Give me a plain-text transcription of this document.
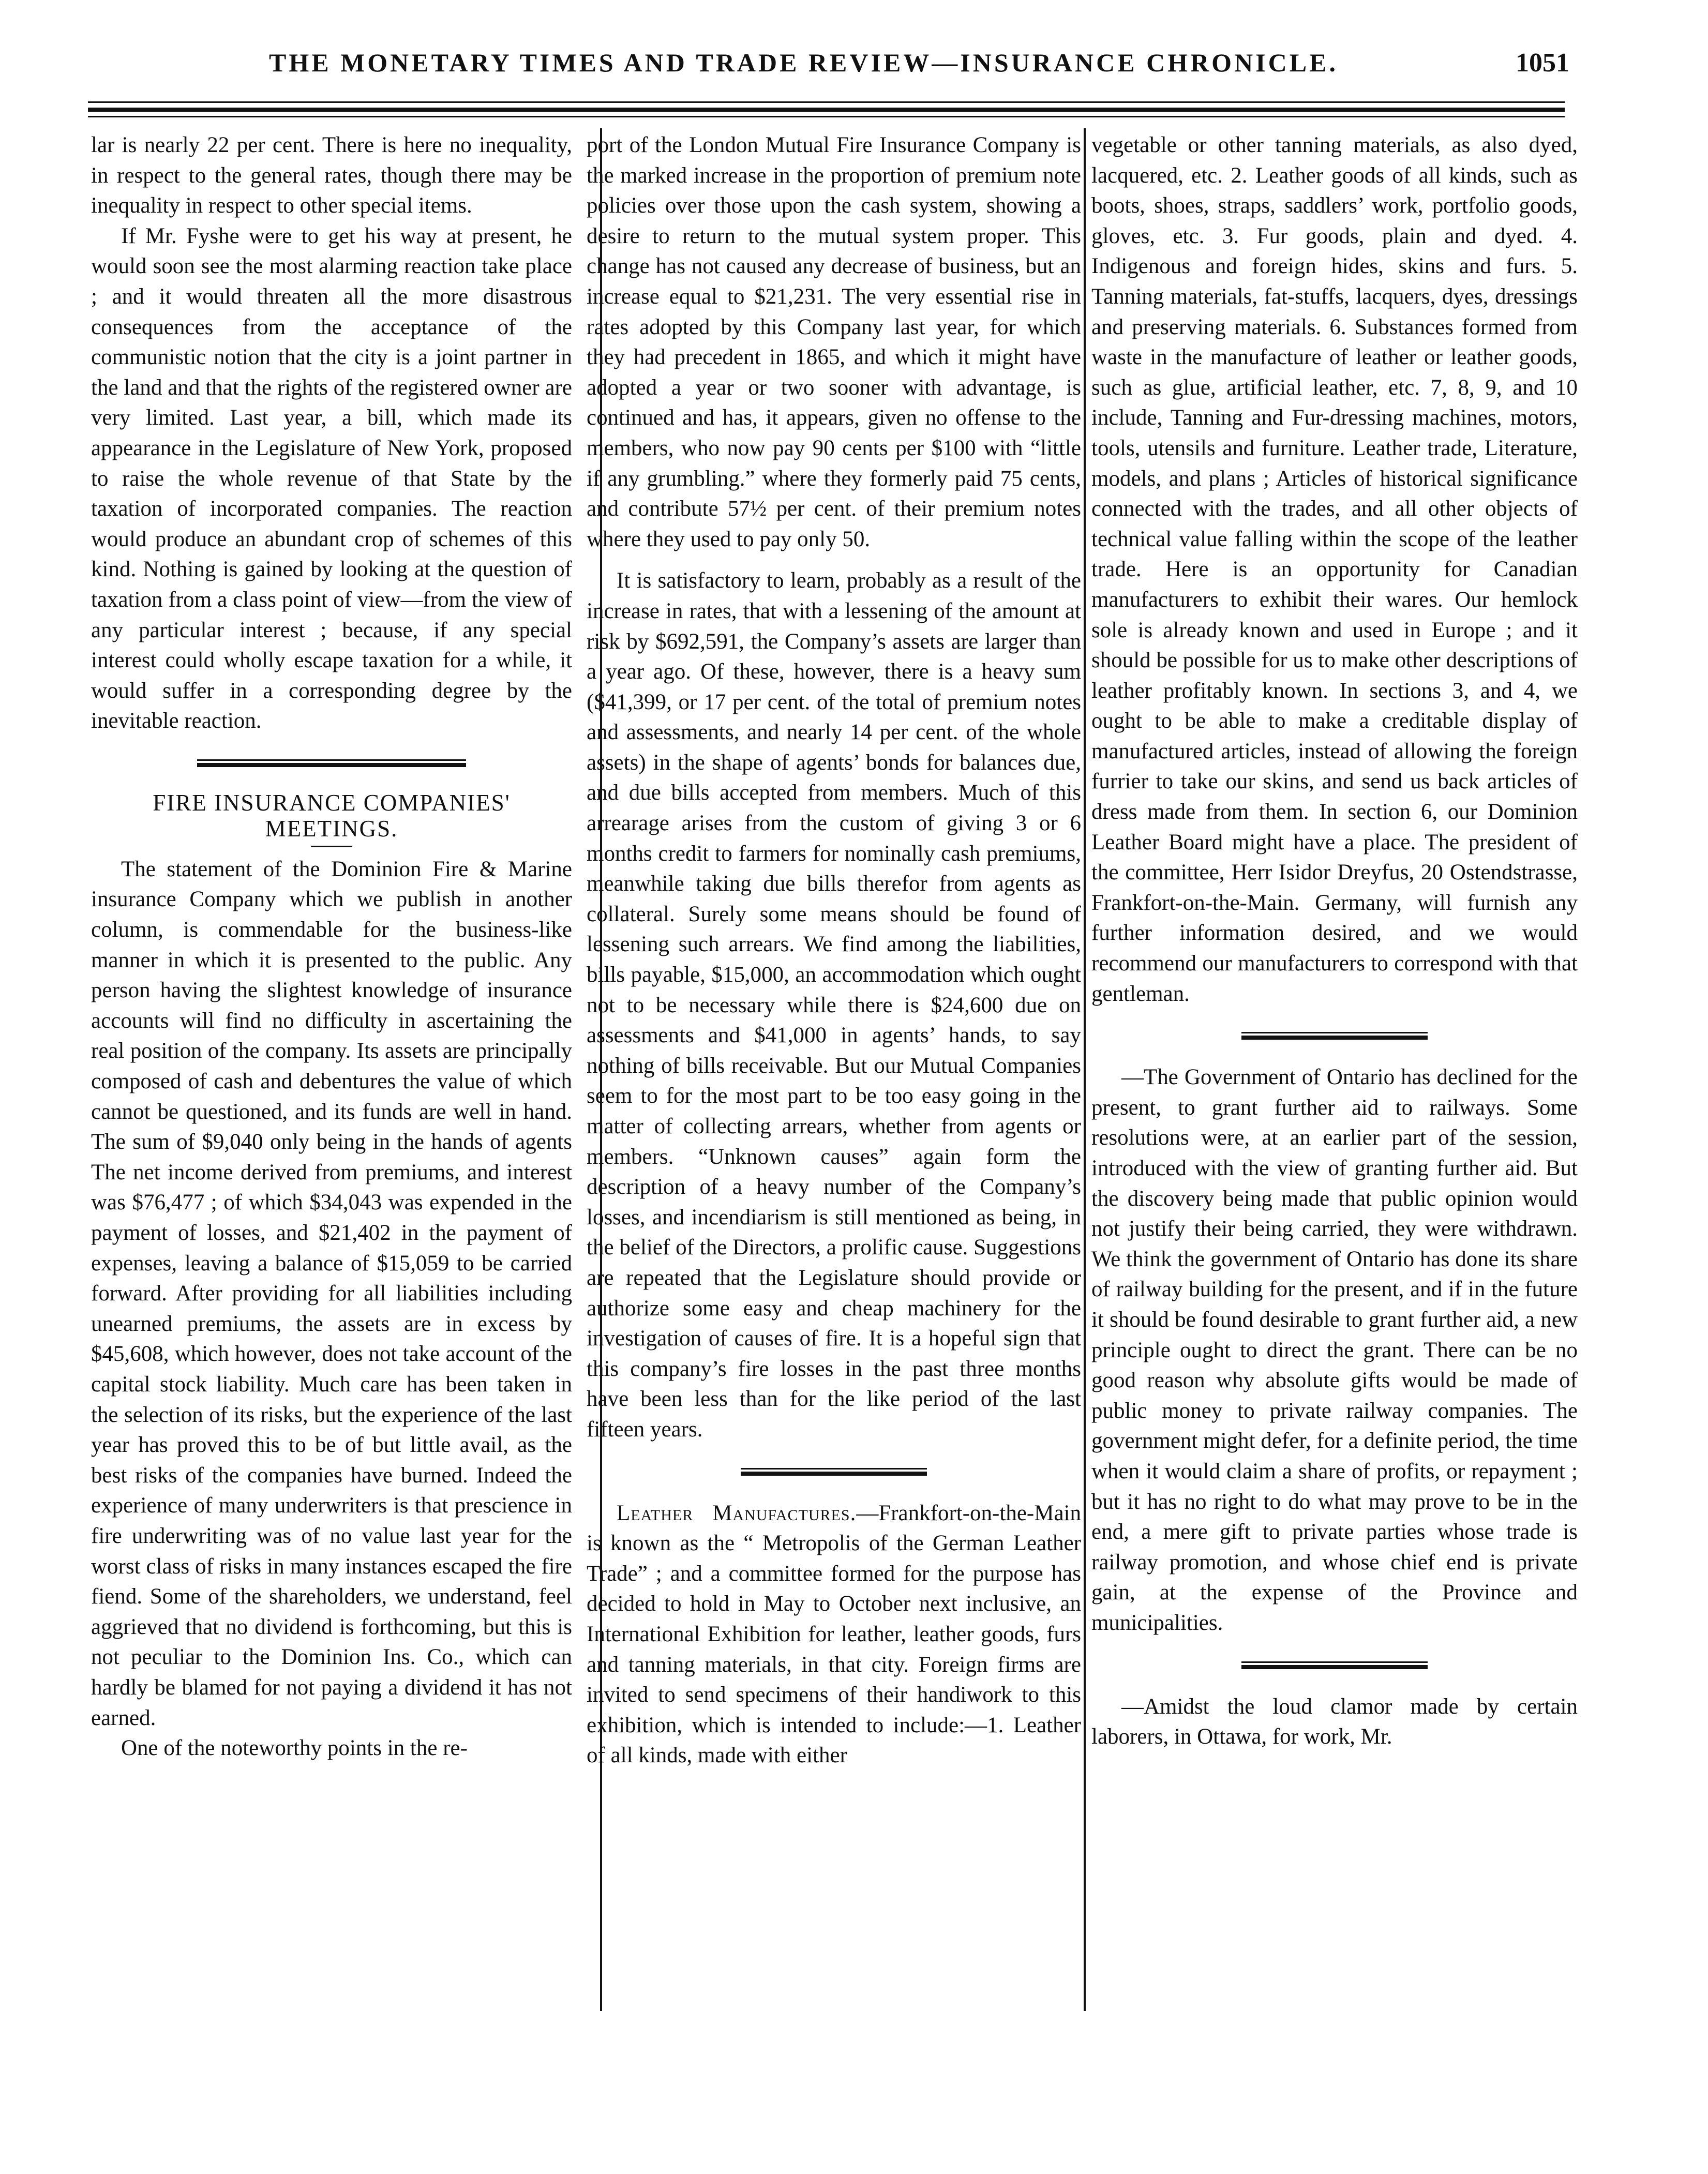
THE MONETARY TIMES AND TRADE REVIEW—INSURANCE CHRONICLE.	1051

lar is nearly 22 per cent. There is here no inequality, in respect to the general rates, though there may be inequality in respect to other special items.

If Mr. Fyshe were to get his way at present, he would soon see the most alarming reaction take place ; and it would threaten all the more disastrous consequences from the acceptance of the communistic notion that the city is a joint partner in the land and that the rights of the registered owner are very limited. Last year, a bill, which made its appearance in the Legislature of New York, proposed to raise the whole revenue of that State by the taxation of incorporated companies. The reaction would produce an abundant crop of schemes of this kind. Nothing is gained by looking at the question of taxation from a class point of view—from the view of any particular interest ; because, if any special interest could wholly escape taxation for a while, it would suffer in a corresponding degree by the inevitable reaction.

FIRE INSURANCE COMPANIES' MEETINGS.

The statement of the Dominion Fire & Marine insurance Company which we publish in another column, is commendable for the business-like manner in which it is presented to the public. Any person having the slightest knowledge of insurance accounts will find no difficulty in ascertaining the real position of the company. Its assets are principally composed of cash and debentures the value of which cannot be questioned, and its funds are well in hand. The sum of $9,040 only being in the hands of agents The net income derived from premiums, and interest was $76,477 ; of which $34,043 was expended in the payment of losses, and $21,402 in the payment of expenses, leaving a balance of $15,059 to be carried forward. After providing for all liabilities including unearned premiums, the assets are in excess by $45,608, which however, does not take account of the capital stock liability. Much care has been taken in the selection of its risks, but the experience of the last year has proved this to be of but little avail, as the best risks of the companies have burned. Indeed the experience of many underwriters is that prescience in fire underwriting was of no value last year for the worst class of risks in many instances escaped the fire fiend. Some of the shareholders, we understand, feel aggrieved that no dividend is forthcoming, but this is not peculiar to the Dominion Ins. Co., which can hardly be blamed for not paying a dividend it has not earned.

One of the noteworthy points in the re-

port of the London Mutual Fire Insurance Company is the marked increase in the proportion of premium note policies over those upon the cash system, showing a desire to return to the mutual system proper. This change has not caused any decrease of business, but an increase equal to $21,231. The very essential rise in rates adopted by this Company last year, for which they had precedent in 1865, and which it might have adopted a year or two sooner with advantage, is continued and has, it appears, given no offense to the members, who now pay 90 cents per $100 with “little if any grumbling.” where they formerly paid 75 cents, and contribute 57½ per cent. of their premium notes where they used to pay only 50.

It is satisfactory to learn, probably as a result of the increase in rates, that with a lessening of the amount at risk by $692,591, the Company’s assets are larger than a year ago. Of these, however, there is a heavy sum ($41,399, or 17 per cent. of the total of premium notes and assessments, and nearly 14 per cent. of the whole assets) in the shape of agents’ bonds for balances due, and due bills accepted from members. Much of this arrearage arises from the custom of giving 3 or 6 months credit to farmers for nominally cash premiums, meanwhile taking due bills therefor from agents as collateral. Surely some means should be found of lessening such arrears. We find among the liabilities, bills payable, $15,000, an accommodation which ought not to be necessary while there is $24,600 due on assessments and $41,000 in agents’ hands, to say nothing of bills receivable. But our Mutual Companies seem to for the most part to be too easy going in the matter of collecting arrears, whether from agents or members. “Unknown causes” again form the description of a heavy number of the Company’s losses, and incendiarism is still mentioned as being, in the belief of the Directors, a prolific cause. Suggestions are repeated that the Legislature should provide or authorize some easy and cheap machinery for the investigation of causes of fire. It is a hopeful sign that this company’s fire losses in the past three months have been less than for the like period of the last fifteen years.

Leather Manufactures.—Frankfort-on-the-Main is known as the “ Metropolis of the German Leather Trade” ; and a committee formed for the purpose has decided to hold in May to October next inclusive, an International Exhibition for leather, leather goods, furs and tanning materials, in that city. Foreign firms are invited to send specimens of their handiwork to this exhibition, which is intended to include:—1. Leather of all kinds, made with either

vegetable or other tanning materials, as also dyed, lacquered, etc. 2. Leather goods of all kinds, such as boots, shoes, straps, saddlers’ work, portfolio goods, gloves, etc. 3. Fur goods, plain and dyed. 4. Indigenous and foreign hides, skins and furs. 5. Tanning materials, fat-stuffs, lacquers, dyes, dressings and preserving materials. 6. Substances formed from waste in the manufacture of leather or leather goods, such as glue, artificial leather, etc. 7, 8, 9, and 10 include, Tanning and Fur-dressing machines, motors, tools, utensils and furniture. Leather trade, Literature, models, and plans ; Articles of historical significance connected with the trades, and all other objects of technical value falling within the scope of the leather trade. Here is an opportunity for Canadian manufacturers to exhibit their wares. Our hemlock sole is already known and used in Europe ; and it should be possible for us to make other descriptions of leather profitably known. In sections 3, and 4, we ought to be able to make a creditable display of manufactured articles, instead of allowing the foreign furrier to take our skins, and send us back articles of dress made from them. In section 6, our Dominion Leather Board might have a place. The president of the committee, Herr Isidor Dreyfus, 20 Ostendstrasse, Frankfort-on-the-Main. Germany, will furnish any further information desired, and we would recommend our manufacturers to correspond with that gentleman.

—The Government of Ontario has declined for the present, to grant further aid to railways. Some resolutions were, at an earlier part of the session, introduced with the view of granting further aid. But the discovery being made that public opinion would not justify their being carried, they were withdrawn. We think the government of Ontario has done its share of railway building for the present, and if in the future it should be found desirable to grant further aid, a new principle ought to direct the grant. There can be no good reason why absolute gifts would be made of public money to private railway companies. The government might defer, for a definite period, the time when it would claim a share of profits, or repayment ; but it has no right to do what may prove to be in the end, a mere gift to private parties whose trade is railway promotion, and whose chief end is private gain, at the expense of the Province and municipalities.

—Amidst the loud clamor made by certain laborers, in Ottawa, for work, Mr.
